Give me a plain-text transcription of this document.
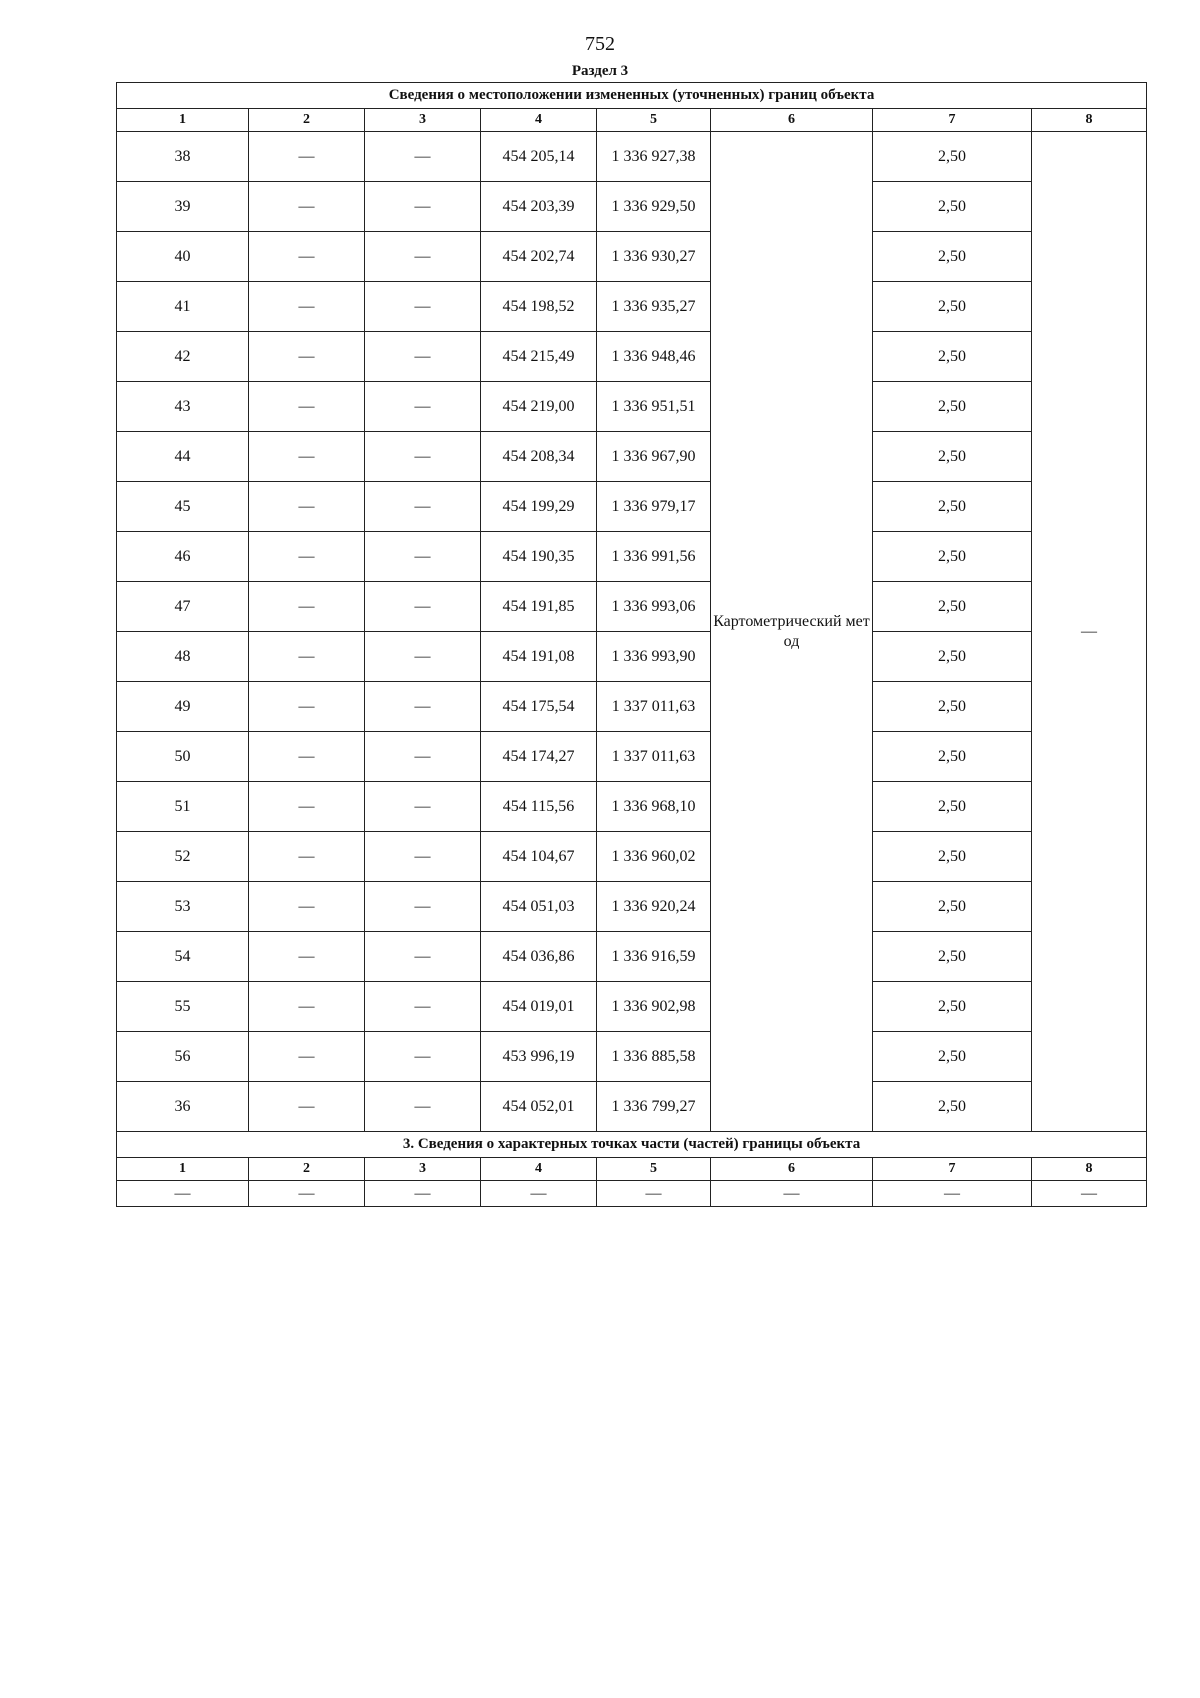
752
Раздел 3
Сведения о местоположении измененных (уточненных) границ объекта							
1	2	3	4	5	6	7	8
38	—	—	454 205,14	1 336 927,38	Картометрический метод	2,50	—
39	—	—	454 203,39	1 336 929,50		2,50	
40	—	—	454 202,74	1 336 930,27		2,50	
41	—	—	454 198,52	1 336 935,27		2,50	
42	—	—	454 215,49	1 336 948,46		2,50	
43	—	—	454 219,00	1 336 951,51		2,50	
44	—	—	454 208,34	1 336 967,90		2,50	
45	—	—	454 199,29	1 336 979,17		2,50	
46	—	—	454 190,35	1 336 991,56		2,50	
47	—	—	454 191,85	1 336 993,06		2,50	
48	—	—	454 191,08	1 336 993,90		2,50	
49	—	—	454 175,54	1 337 011,63		2,50	
50	—	—	454 174,27	1 337 011,63		2,50	
51	—	—	454 115,56	1 336 968,10		2,50	
52	—	—	454 104,67	1 336 960,02		2,50	
53	—	—	454 051,03	1 336 920,24		2,50	
54	—	—	454 036,86	1 336 916,59		2,50	
55	—	—	454 019,01	1 336 902,98		2,50	
56	—	—	453 996,19	1 336 885,58		2,50	
36	—	—	454 052,01	1 336 799,27		2,50	
3. Сведения о характерных точках части (частей) границы объекта							
1	2	3	4	5	6	7	8
—	—	—	—	—	—	—	—
